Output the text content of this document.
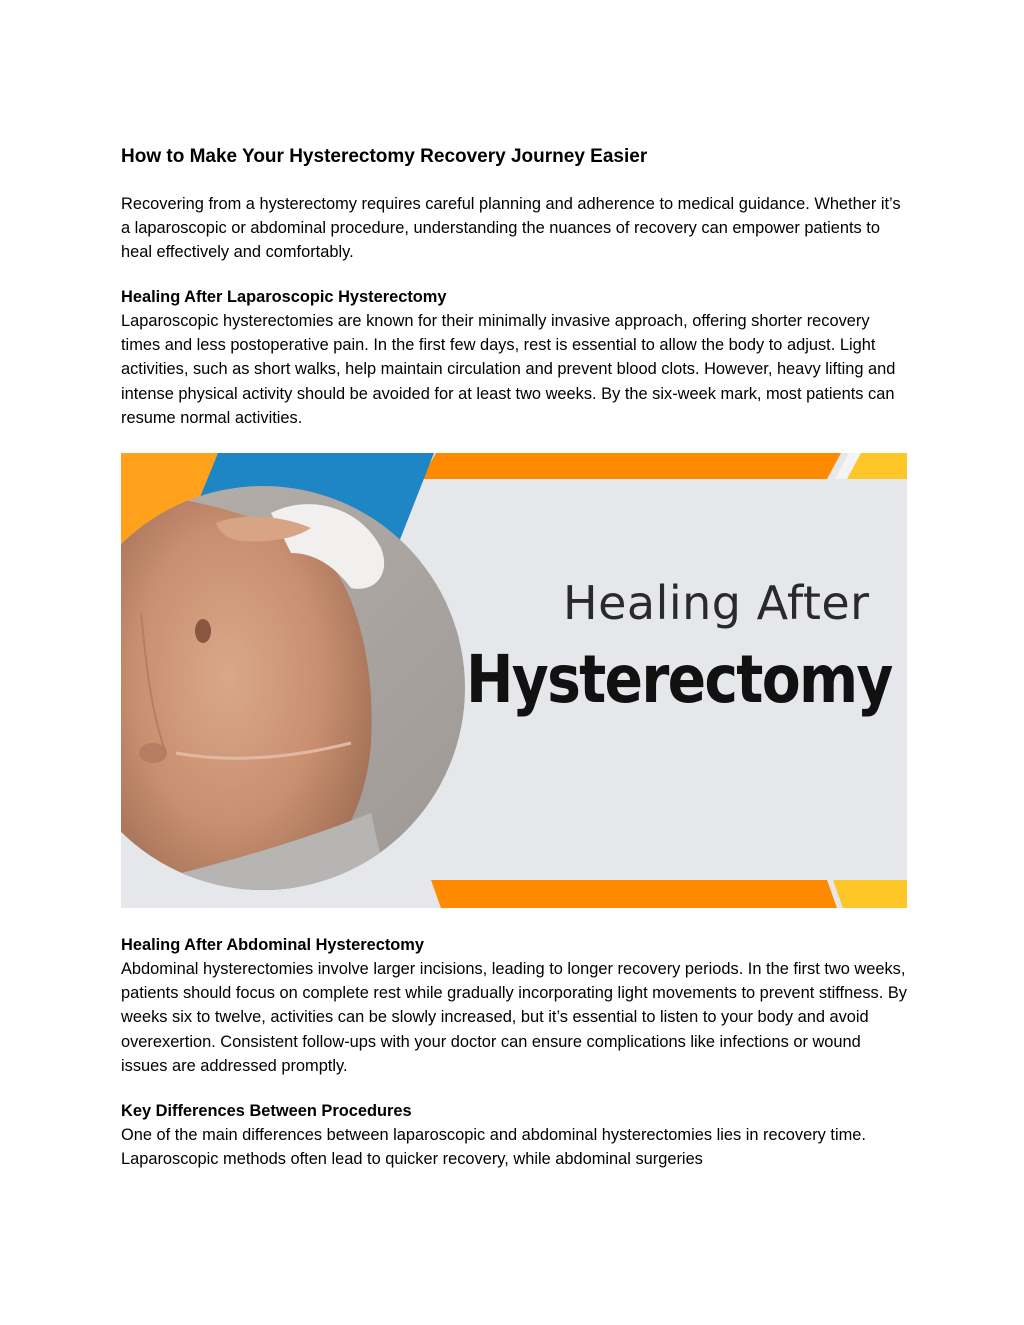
How to Make Your Hysterectomy Recovery Journey Easier

Recovering from a hysterectomy requires careful planning and adherence to medical guidance. Whether it’s a laparoscopic or abdominal procedure, understanding the nuances of recovery can empower patients to heal effectively and comfortably.

Healing After Laparoscopic Hysterectomy

Laparoscopic hysterectomies are known for their minimally invasive approach, offering shorter recovery times and less postoperative pain. In the first few days, rest is essential to allow the body to adjust. Light activities, such as short walks, help maintain circulation and prevent blood clots. However, heavy lifting and intense physical activity should be avoided for at least two weeks. By the six-week mark, most patients can resume normal activities.

Healing After
Hysterectomy
Healing After Abdominal Hysterectomy

Abdominal hysterectomies involve larger incisions, leading to longer recovery periods. In the first two weeks, patients should focus on complete rest while gradually incorporating light movements to prevent stiffness. By weeks six to twelve, activities can be slowly increased, but it’s essential to listen to your body and avoid overexertion. Consistent follow-ups with your doctor can ensure complications like infections or wound issues are addressed promptly.

Key Differences Between Procedures

One of the main differences between laparoscopic and abdominal hysterectomies lies in recovery time. Laparoscopic methods often lead to quicker recovery, while abdominal surgeries
